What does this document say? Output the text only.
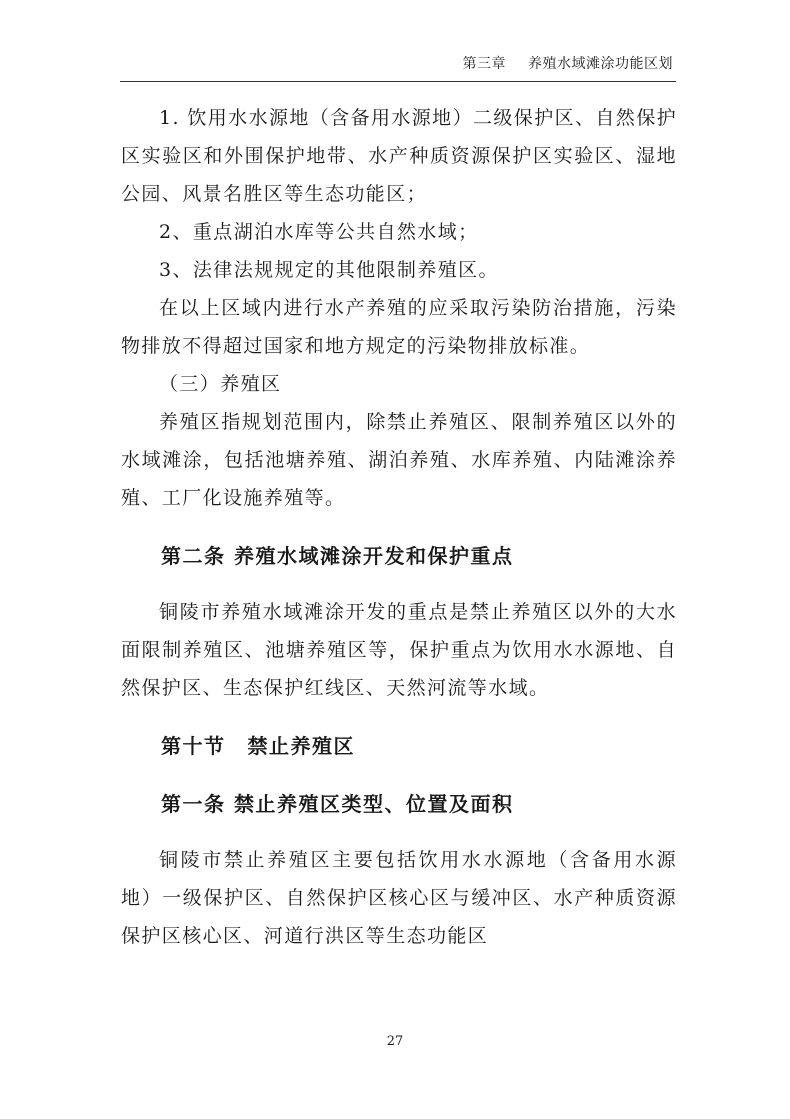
第三章 养殖水域滩涂功能区划

1. 饮用水水源地（含备用水源地）二级保护区、自然保护区实验区和外围保护地带、水产种质资源保护区实验区、湿地公园、风景名胜区等生态功能区；

2、重点湖泊水库等公共自然水域；

3、法律法规规定的其他限制养殖区。

在以上区域内进行水产养殖的应采取污染防治措施，污染物排放不得超过国家和地方规定的污染物排放标准。

（三）养殖区

养殖区指规划范围内，除禁止养殖区、限制养殖区以外的水域滩涂，包括池塘养殖、湖泊养殖、水库养殖、内陆滩涂养殖、工厂化设施养殖等。

第二条 养殖水域滩涂开发和保护重点

铜陵市养殖水域滩涂开发的重点是禁止养殖区以外的大水面限制养殖区、池塘养殖区等，保护重点为饮用水水源地、自然保护区、生态保护红线区、天然河流等水域。

第十节 禁止养殖区
第一条 禁止养殖区类型、位置及面积

铜陵市禁止养殖区主要包括饮用水水源地（含备用水源地）一级保护区、自然保护区核心区与缓冲区、水产种质资源保护区核心区、河道行洪区等生态功能区

27
